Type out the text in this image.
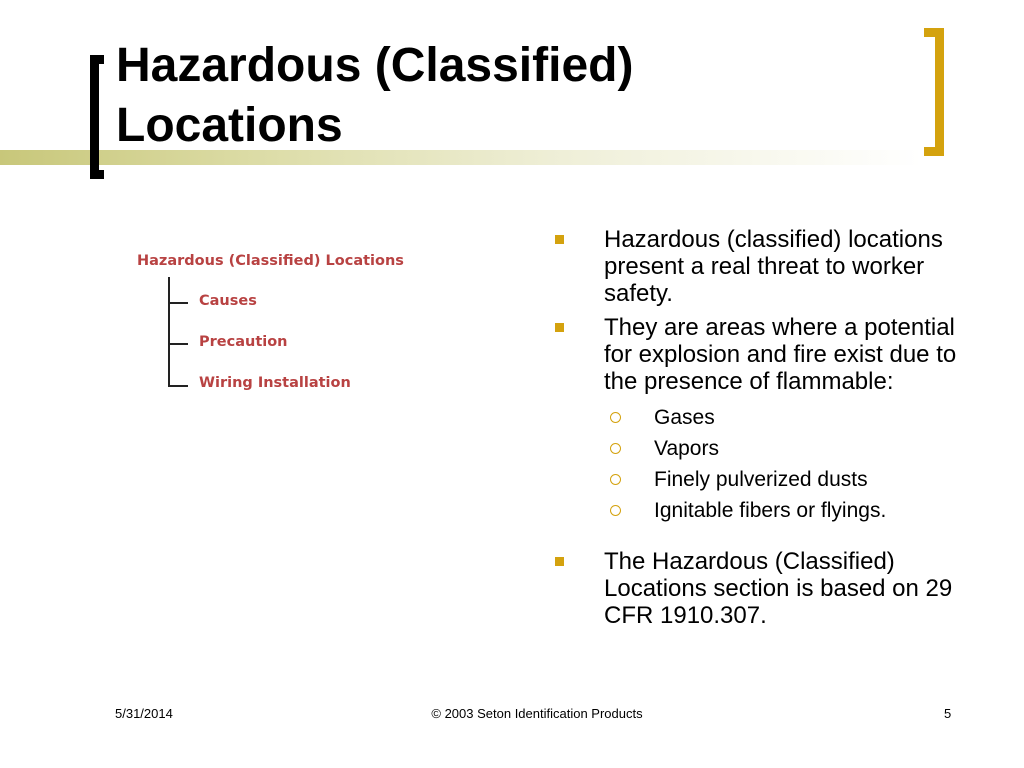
Hazardous (Classified)
Locations
Hazardous (Classified) Locations
Causes
Precaution
Wiring Installation
Hazardous (classified) locations present a real threat to worker safety.
They are areas where a potential for explosion and fire exist due to the presence of flammable:
Gases
Vapors
Finely pulverized dusts
Ignitable fibers or flyings.
The Hazardous (Classified) Locations section is based on 29 CFR 1910.307.
5/31/2014	© 2003 Seton Identification Products	5
